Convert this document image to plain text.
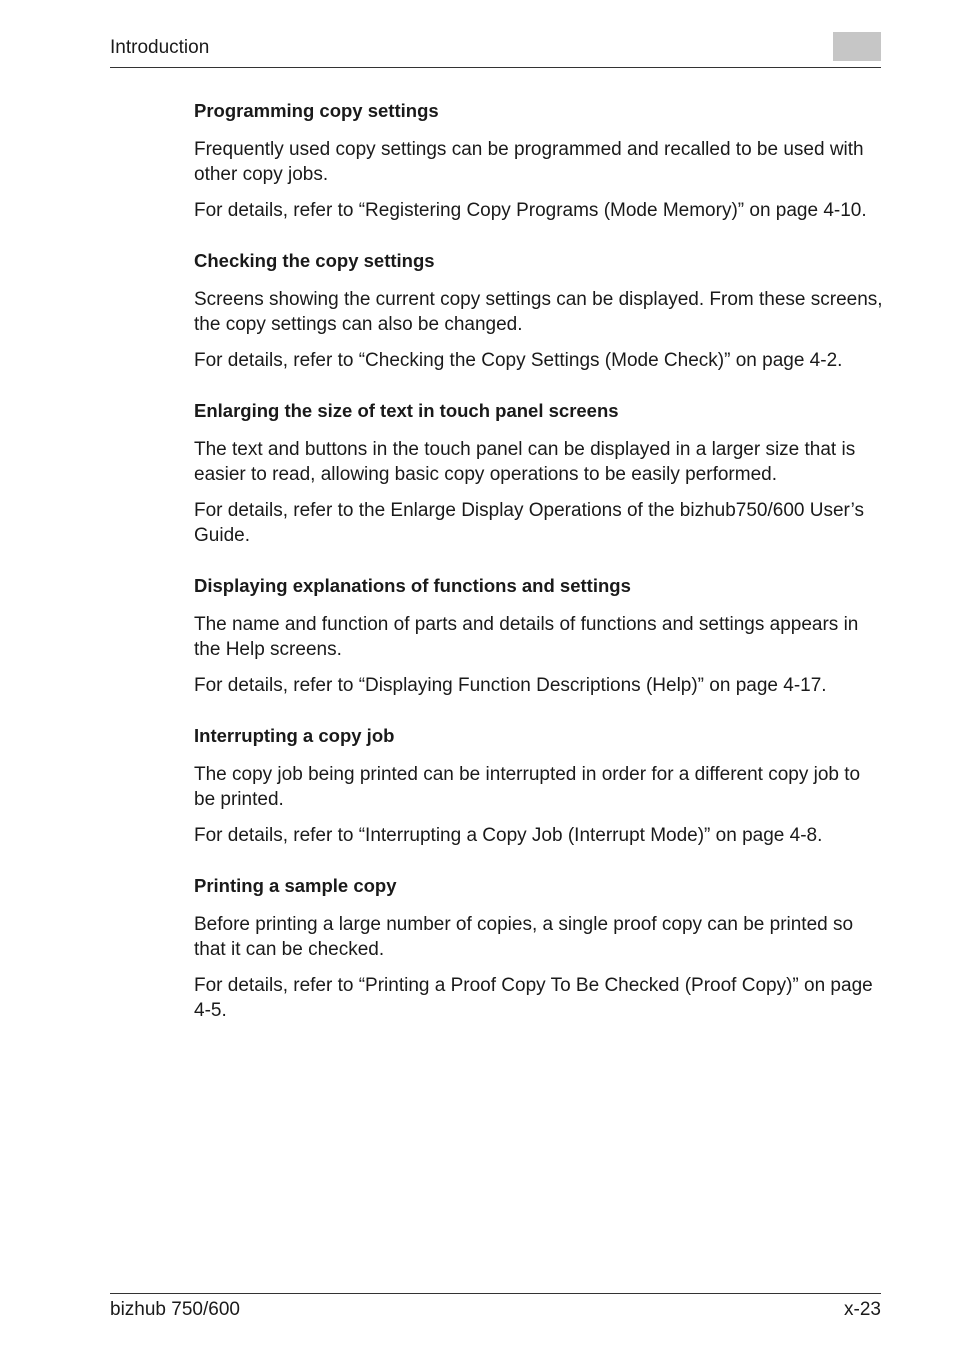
Introduction
Programming copy settings

Frequently used copy settings can be programmed and recalled to be used with other copy jobs.

For details, refer to “Registering Copy Programs (Mode Memory)” on page 4-10.

Checking the copy settings

Screens showing the current copy settings can be displayed. From these screens, the copy settings can also be changed.

For details, refer to “Checking the Copy Settings (Mode Check)” on page 4-2.

Enlarging the size of text in touch panel screens

The text and buttons in the touch panel can be displayed in a larger size that is easier to read, allowing basic copy operations to be easily performed.

For details, refer to the Enlarge Display Operations of the bizhub750/600 User’s Guide.

Displaying explanations of functions and settings

The name and function of parts and details of functions and settings appears in the Help screens.

For details, refer to “Displaying Function Descriptions (Help)” on page 4-17.

Interrupting a copy job

The copy job being printed can be interrupted in order for a different copy job to be printed.

For details, refer to “Interrupting a Copy Job (Interrupt Mode)” on page 4-8.

Printing a sample copy

Before printing a large number of copies, a single proof copy can be printed so that it can be checked.

For details, refer to “Printing a Proof Copy To Be Checked (Proof Copy)” on page 4-5.

bizhub 750/600	x-23
